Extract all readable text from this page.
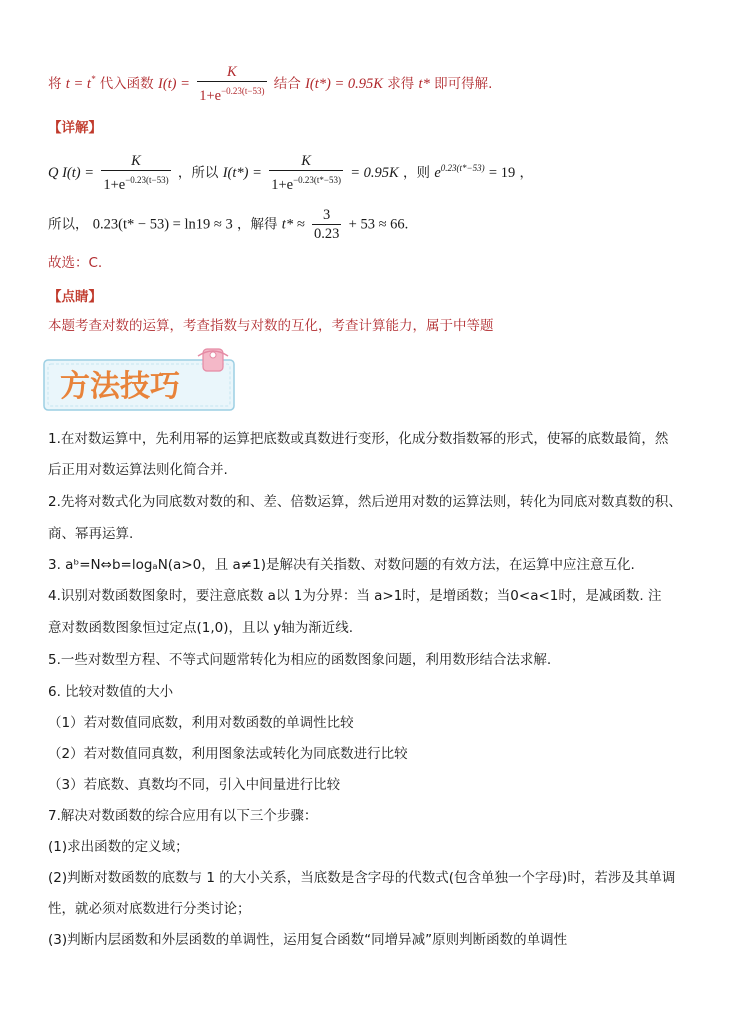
将 t = t* 代入函数 $I(t) = \frac{K}{1+e^{-0.23(t-53)}}$ 结合 I(t*) = 0.95K 求得 t* 即可得解.
【详解】
Q $I(t) = \frac{K}{1+e^{-0.23(t-53)}}$ ，所以 $I(t*) = \frac{K}{1+e^{-0.23(t*-53)}} = 0.95K$ ，则 $e^{0.23(t*-53)} = 19$ ，
所以， 0.23(t* − 53) = ln19 ≈ 3 ，解得 $t* \approx \frac{3}{0.23} + 53 \approx 66$.
故选：C.
【点睛】
本题考查对数的运算，考查指数与对数的互化，考查计算能力，属于中等题
方法技巧
1.在对数运算中，先利用幂的运算把底数或真数进行变形，化成分数指数幂的形式，使幂的底数最简，然
后正用对数运算法则化简合并.
2.先将对数式化为同底数对数的和、差、倍数运算，然后逆用对数的运算法则，转化为同底对数真数的积、
商、幂再运算.
3. aᵇ=N⇔b=logₐN(a>0，且 a≠1)是解决有关指数、对数问题的有效方法，在运算中应注意互化.
4.识别对数函数图象时，要注意底数 a以 1为分界：当 a>1时，是增函数；当0<a<1时，是减函数. 注
意对数函数图象恒过定点(1,0)，且以 y轴为渐近线.
5.一些对数型方程、不等式问题常转化为相应的函数图象问题，利用数形结合法求解.
6. 比较对数值的大小
（1）若对数值同底数，利用对数函数的单调性比较
（2）若对数值同真数，利用图象法或转化为同底数进行比较
（3）若底数、真数均不同，引入中间量进行比较
7.解决对数函数的综合应用有以下三个步骤：
(1)求出函数的定义域；
(2)判断对数函数的底数与 1 的大小关系，当底数是含字母的代数式(包含单独一个字母)时，若涉及其单调
性，就必须对底数进行分类讨论；
(3)判断内层函数和外层函数的单调性，运用复合函数“同增异减”原则判断函数的单调性
